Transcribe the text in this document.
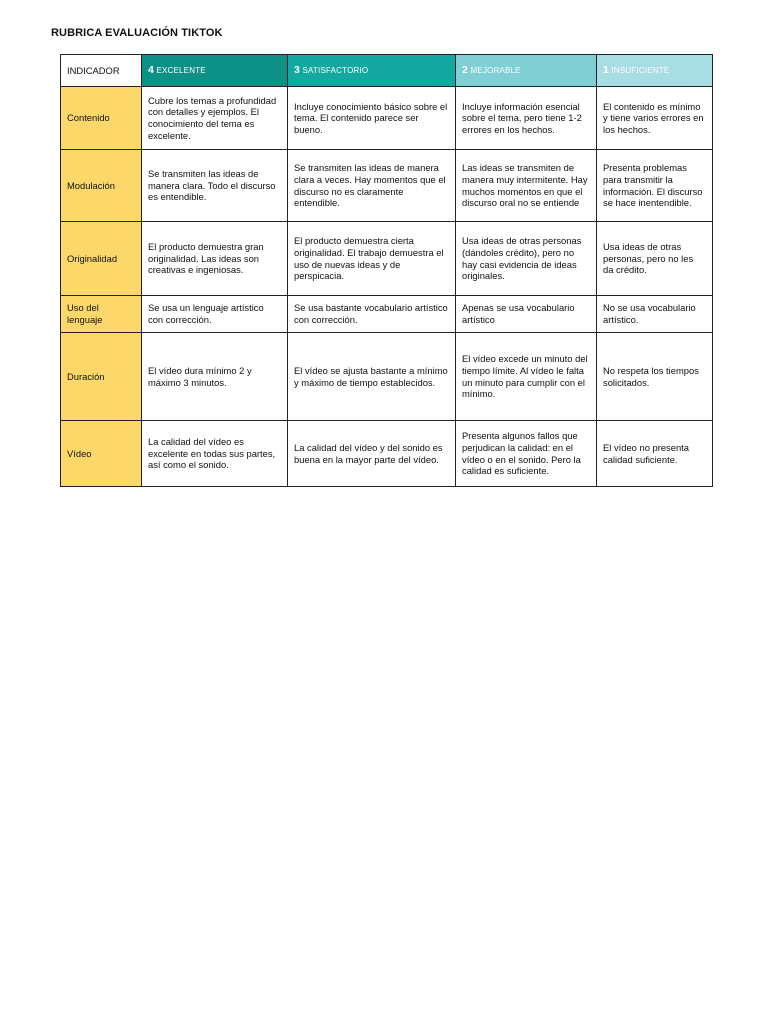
RUBRICA EVALUACIÓN TIKTOK
INDICADOR	4 EXCELENTE	3 SATISFACTORIO	2 MEJORABLE	1 INSUFICIENTE
Contenido	Cubre los temas a profundidad con detalles y ejemplos. El conocimiento del tema es excelente.	Incluye conocimiento básico sobre el tema. El contenido parece ser bueno.	Incluye información esencial sobre el tema, pero tiene 1-2 errores en los hechos.	El contenido es mínimo y tiene varios errores en los hechos.
Modulación	Se transmiten las ideas de manera clara. Todo el discurso es entendible.	Se transmiten las ideas de manera clara a veces. Hay momentos que el discurso no es claramente entendible.	Las ideas se transmiten de manera muy intermitente. Hay muchos momentos en que el discurso oral no se entiende	Presenta problemas para transmitir la información. El discurso se hace inentendible.
Originalidad	El producto demuestra gran originalidad. Las ideas son creativas e ingeniosas.	El producto demuestra cierta originalidad. El trabajo demuestra el uso de nuevas ideas y de perspicacia.	Usa ideas de otras personas (dándoles crédito), pero no hay casi evidencia de ideas originales.	Usa ideas de otras personas, pero no les da crédito.
Uso del lenguaje	Se usa un lenguaje artístico con corrección.	Se usa bastante vocabulario artístico con corrección.	Apenas se usa vocabulario artístico	No se usa vocabulario artístico.
Duración	El vídeo dura mínimo 2 y máximo 3 minutos.	El vídeo se ajusta bastante a mínimo y máximo de tiempo establecidos.	El vídeo excede un minuto del tiempo límite. Al vídeo le falta un minuto para cumplir con el mínimo.	No respeta los tiempos solicitados.
Vídeo	La calidad del vídeo es excelente en todas sus partes, así como el sonido.	La calidad del vídeo y del sonido es buena en la mayor parte del vídeo.	Presenta algunos fallos que perjudican la calidad: en el vídeo o en el sonido. Pero la calidad es suficiente.	El vídeo no presenta calidad suficiente.
